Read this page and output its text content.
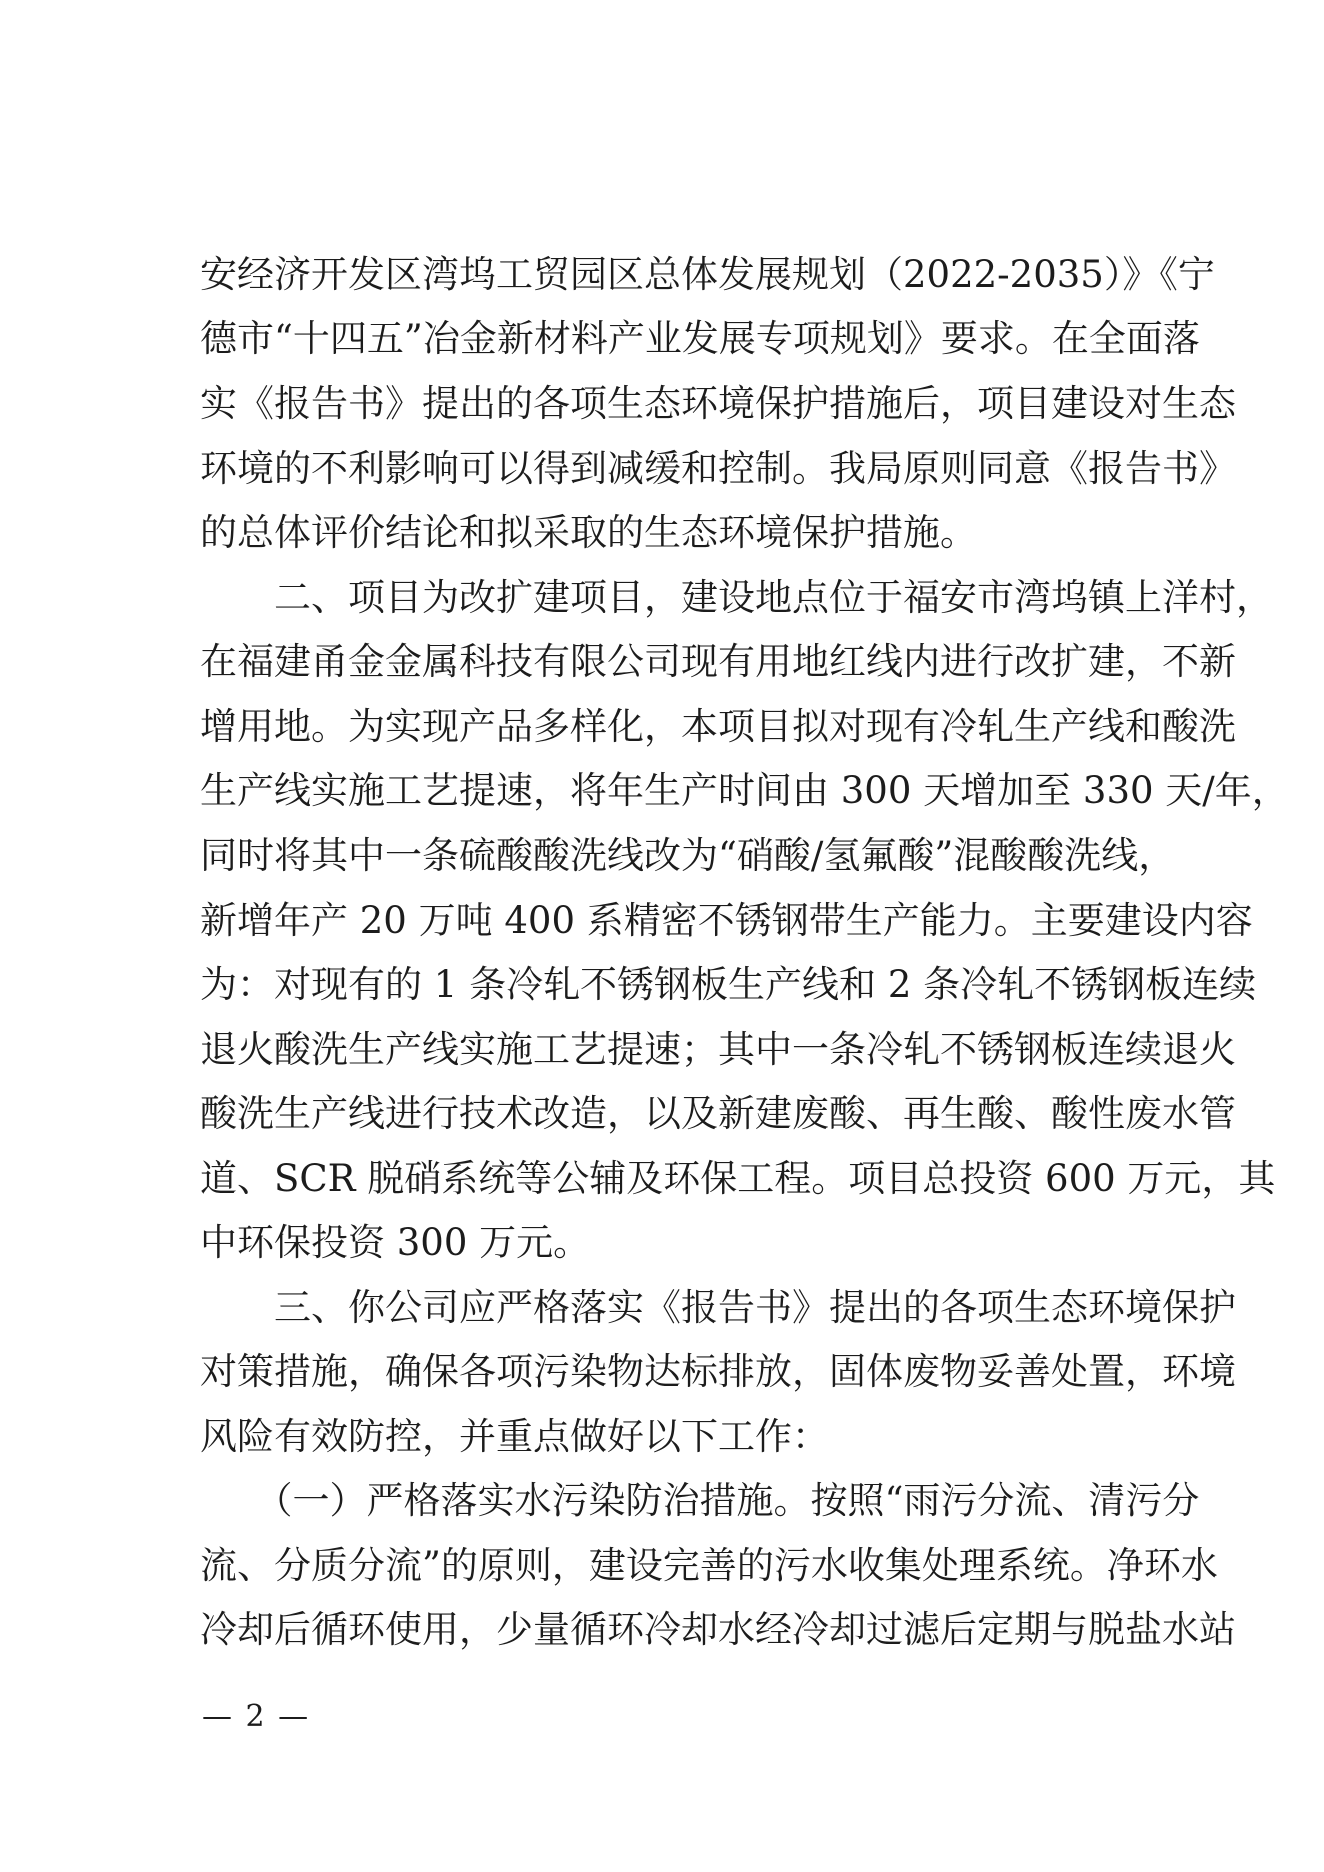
安经济开发区湾坞工贸园区总体发展规划（2022-2035）》《宁
德市“十四五”冶金新材料产业发展专项规划》要求。在全面落
实《报告书》提出的各项生态环境保护措施后，项目建设对生态
环境的不利影响可以得到减缓和控制。我局原则同意《报告书》
的总体评价结论和拟采取的生态环境保护措施。
　　二、项目为改扩建项目，建设地点位于福安市湾坞镇上洋村，
在福建甬金金属科技有限公司现有用地红线内进行改扩建，不新
增用地。为实现产品多样化，本项目拟对现有冷轧生产线和酸洗
生产线实施工艺提速，将年生产时间由 300 天增加至 330 天/年，
同时将其中一条硫酸酸洗线改为“硝酸/氢氟酸”混酸酸洗线，
新增年产 20 万吨 400 系精密不锈钢带生产能力。主要建设内容
为：对现有的 1 条冷轧不锈钢板生产线和 2 条冷轧不锈钢板连续
退火酸洗生产线实施工艺提速；其中一条冷轧不锈钢板连续退火
酸洗生产线进行技术改造，以及新建废酸、再生酸、酸性废水管
道、SCR 脱硝系统等公辅及环保工程。项目总投资 600 万元，其
中环保投资 300 万元。
　　三、你公司应严格落实《报告书》提出的各项生态环境保护
对策措施，确保各项污染物达标排放，固体废物妥善处置，环境
风险有效防控，并重点做好以下工作：
　　（一）严格落实水污染防治措施。按照“雨污分流、清污分
流、分质分流”的原则，建设完善的污水收集处理系统。净环水
冷却后循环使用，少量循环冷却水经冷却过滤后定期与脱盐水站
— 2 —
